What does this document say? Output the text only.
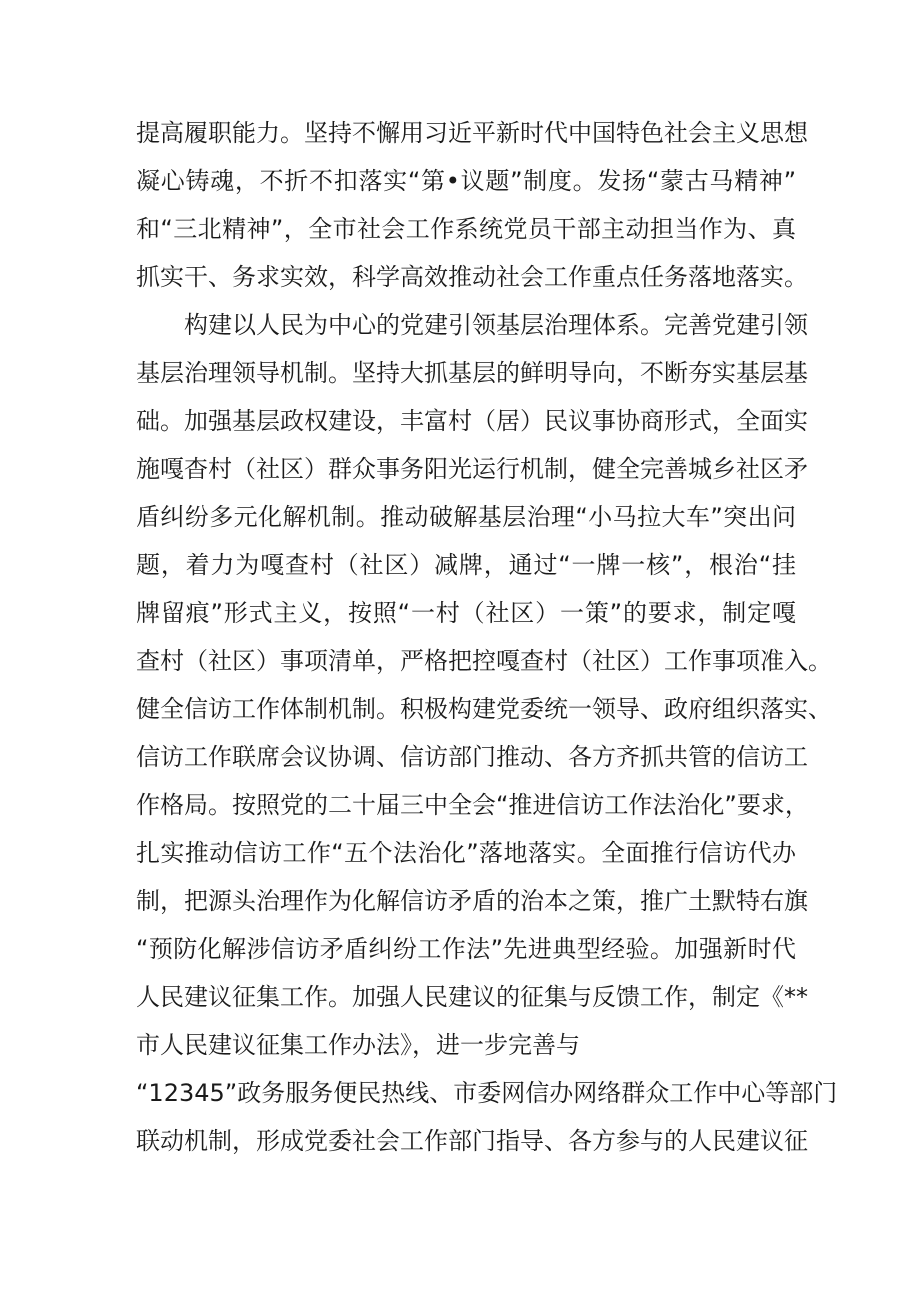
提高履职能力。坚持不懈用习近平新时代中国特色社会主义思想
凝心铸魂，不折不扣落实“第•议题”制度。发扬“蒙古马精神”
和“三北精神”，全市社会工作系统党员干部主动担当作为、真
抓实干、务求实效，科学高效推动社会工作重点任务落地落实。
构建以人民为中心的党建引领基层治理体系。完善党建引领
基层治理领导机制。坚持大抓基层的鲜明导向，不断夯实基层基
础。加强基层政权建设，丰富村（居）民议事协商形式，全面实
施嘎杳村（社区）群众事务阳光运行机制，健全完善城乡社区矛
盾纠纷多元化解机制。推动破解基层治理“小马拉大车”突出问
题，着力为嘎查村（社区）减牌，通过“一牌一核”，根治“挂
牌留痕”形式主义，按照“一村（社区）一策”的要求，制定嘎
查村（社区）事项清单，严格把控嘎查村（社区）工作事项准入。
健全信访工作体制机制。积极构建党委统一领导、政府组织落实、
信访工作联席会议协调、信访部门推动、各方齐抓共管的信访工
作格局。按照党的二十届三中全会“推进信访工作法治化”要求，
扎实推动信访工作“五个法治化”落地落实。全面推行信访代办
制，把源头治理作为化解信访矛盾的治本之策，推广土默特右旗
“预防化解涉信访矛盾纠纷工作法”先进典型经验。加强新时代
人民建议征集工作。加强人民建议的征集与反馈工作，制定《**
市人民建议征集工作办法》，进一步完善与
“12345”政务服务便民热线、市委网信办网络群众工作中心等部门
联动机制，形成党委社会工作部门指导、各方参与的人民建议征
